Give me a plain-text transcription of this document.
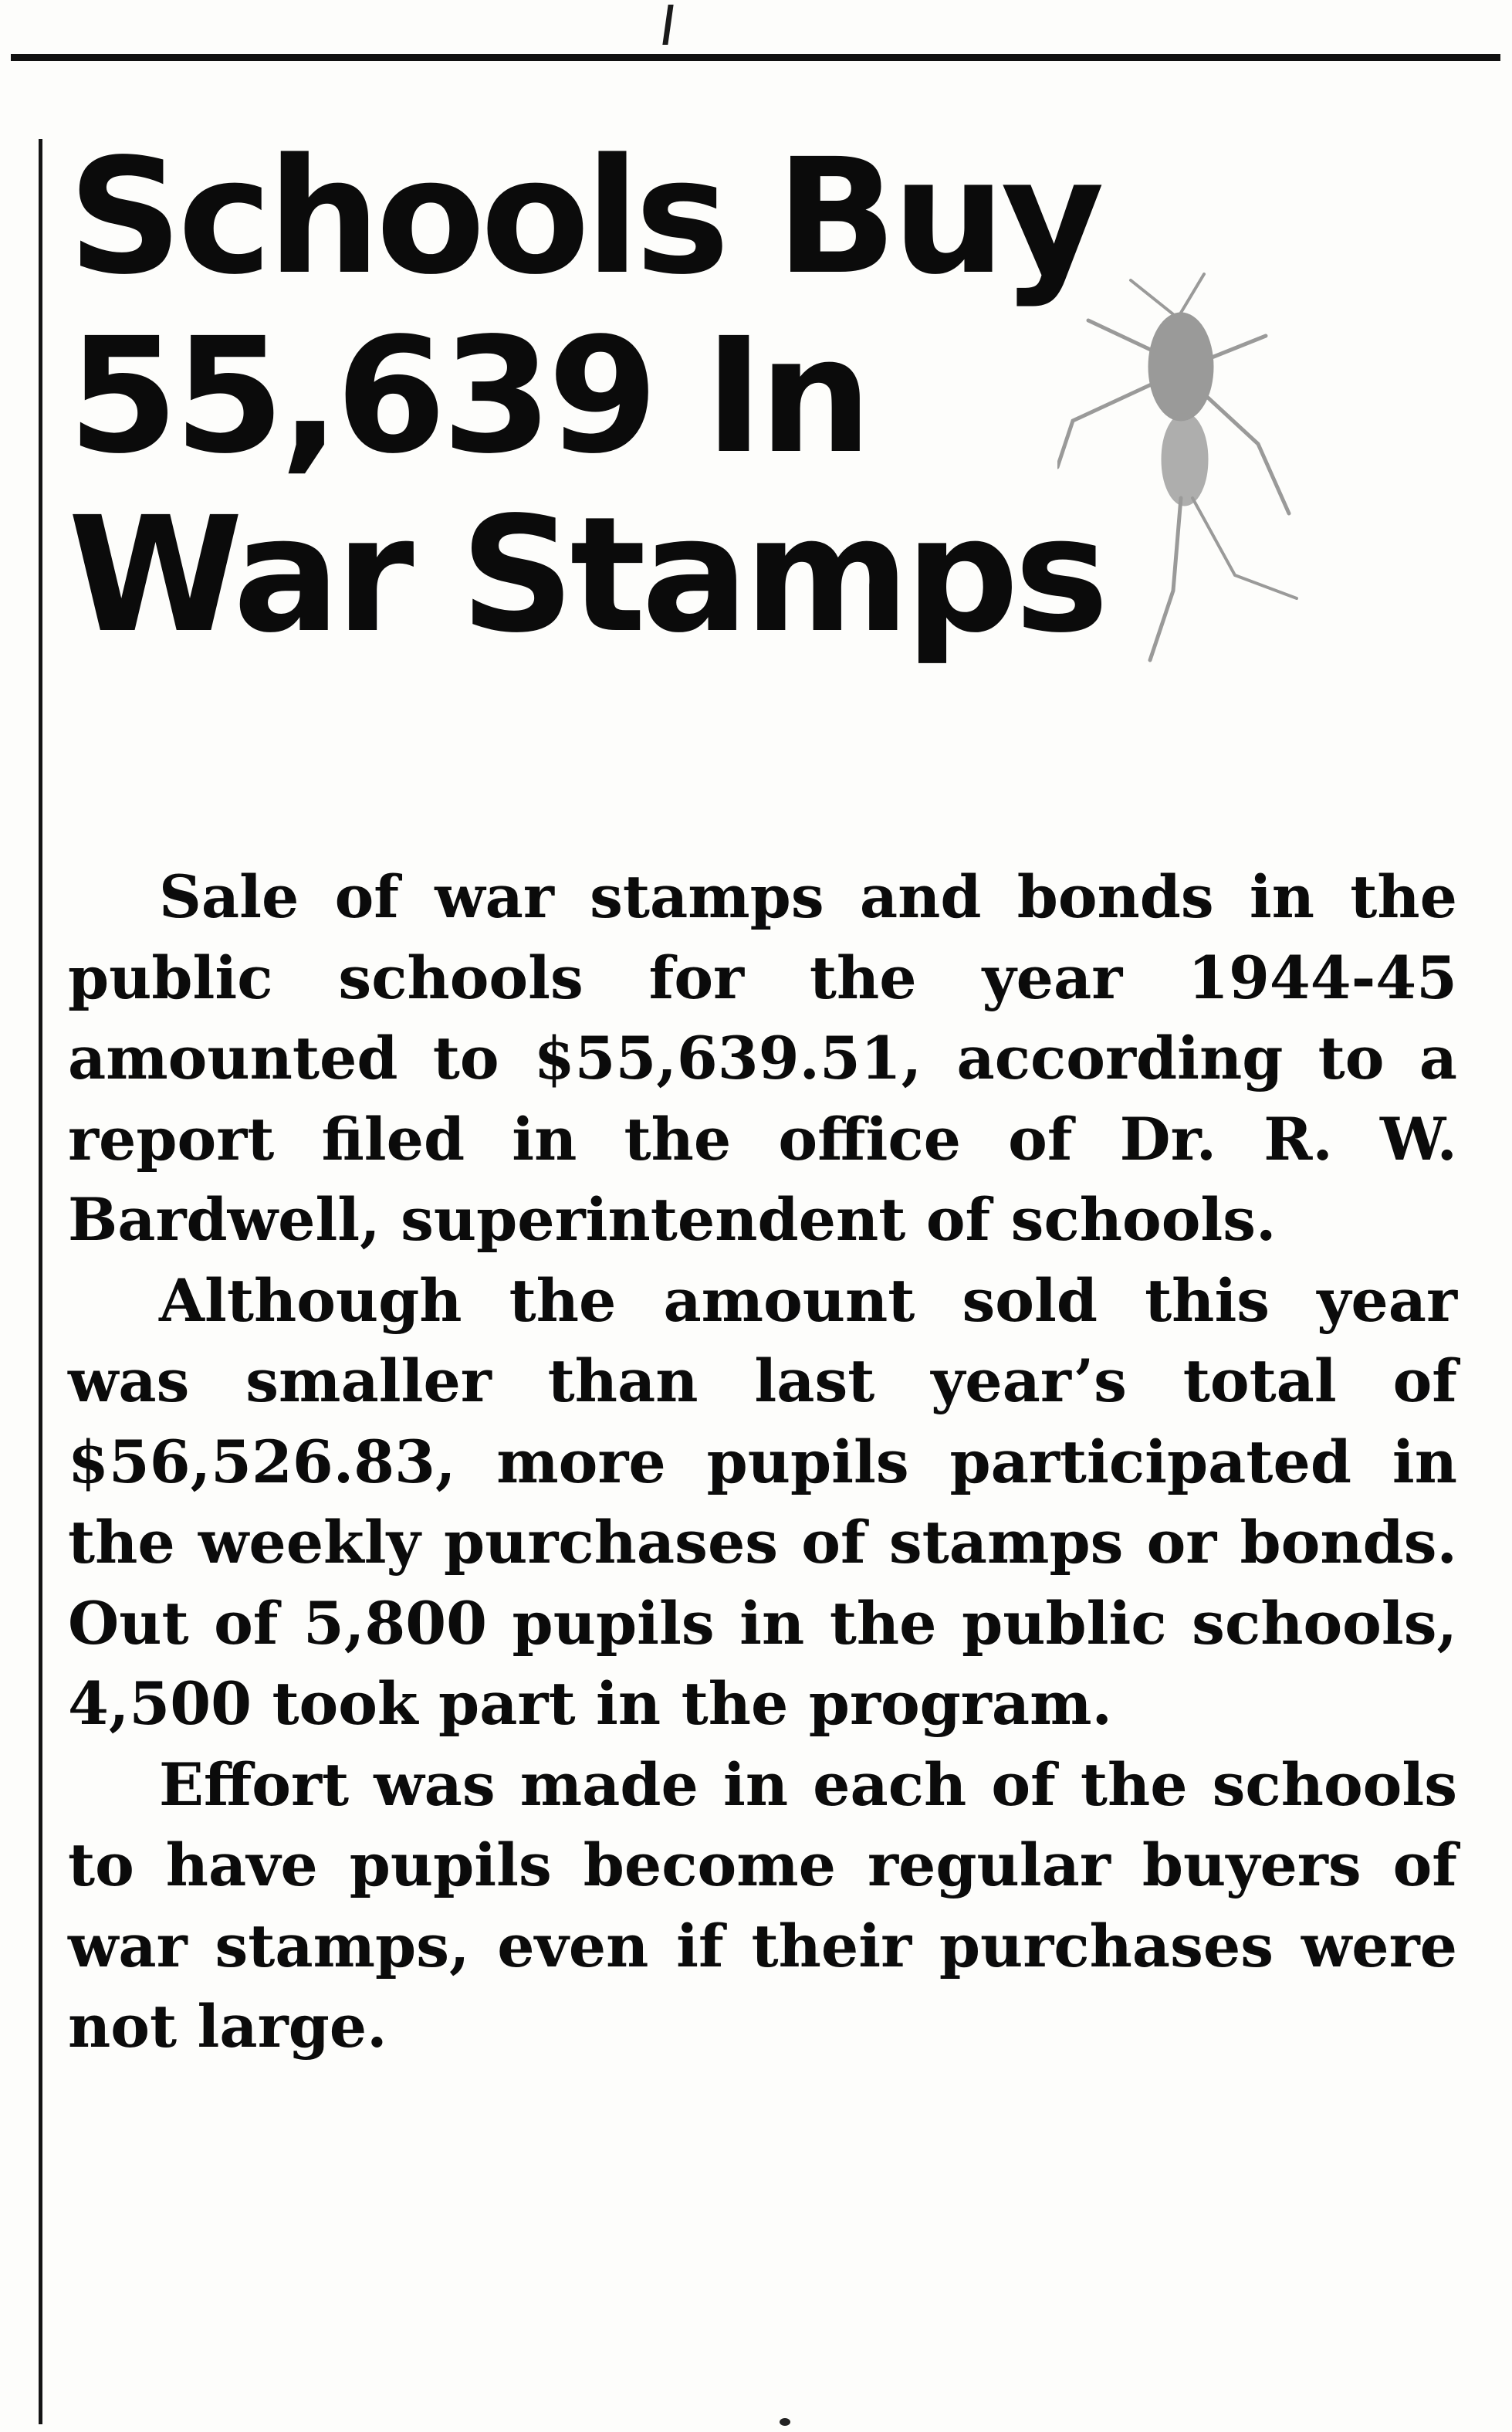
Schools Buy
55,639 In
War Stamps

Sale of war stamps and bonds in the public schools for the year 1944-45 amounted to $55,639.51, according to a report filed in the office of Dr. R. W. Bardwell, superintendent of schools.

Although the amount sold this year was smaller than last year’s total of $56,526.83, more pupils participated in the weekly purchases of stamps or bonds. Out of 5,800 pupils in the public schools, 4,500 took part in the program.

Effort was made in each of the schools to have pupils become regular buyers of war stamps, even if their purchases were not large.
